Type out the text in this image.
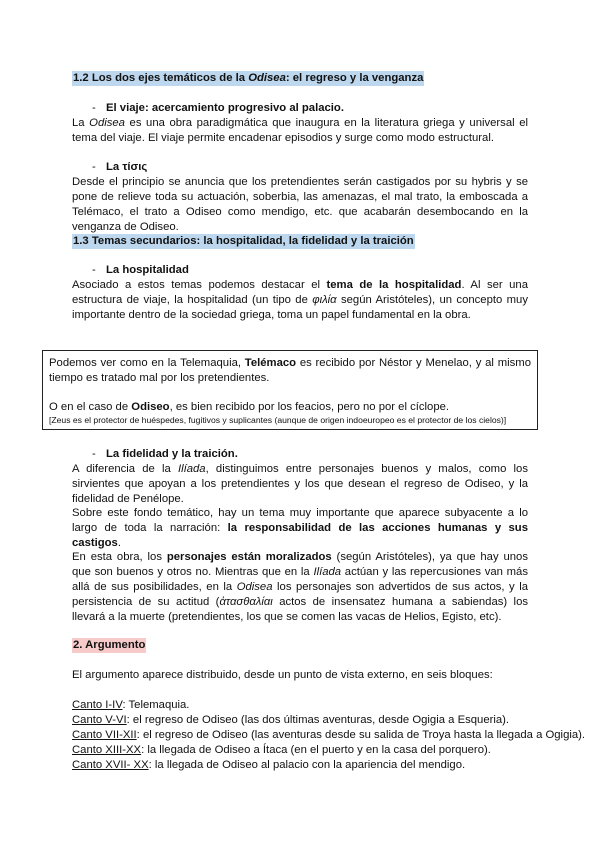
1.2 Los dos ejes temáticos de la Odisea: el regreso y la venganza
- El viaje: acercamiento progresivo al palacio.

La Odisea es una obra paradigmática que inaugura en la literatura griega y universal el tema del viaje. El viaje permite encadenar episodios y surge como modo estructural.

- La τίσις

Desde el principio se anuncia que los pretendientes serán castigados por su hybris y se pone de relieve toda su actuación, soberbia, las amenazas, el mal trato, la emboscada a Telémaco, el trato a Odiseo como mendigo, etc. que acabarán desembocando en la venganza de Odiseo.

1.3 Temas secundarios: la hospitalidad, la fidelidad y la traición
- La hospitalidad

Asociado a estos temas podemos destacar el tema de la hospitalidad. Al ser una estructura de viaje, la hospitalidad (un tipo de φιλία según Aristóteles), un concepto muy importante dentro de la sociedad griega, toma un papel fundamental en la obra.

Podemos ver como en la Telemaquia, Telémaco es recibido por Néstor y Menelao, y al mismo tiempo es tratado mal por los pretendientes.

O en el caso de Odiseo, es bien recibido por los feacios, pero no por el cíclope.

[Zeus es el protector de huéspedes, fugitivos y suplicantes (aunque de origen indoeuropeo es el protector de los cielos)]

- La fidelidad y la traición.

A diferencia de la Ilíada, distinguimos entre personajes buenos y malos, como los sirvientes que apoyan a los pretendientes y los que desean el regreso de Odiseo, y la fidelidad de Penélope.

Sobre este fondo temático, hay un tema muy importante que aparece subyacente a lo largo de toda la narración: la responsabilidad de las acciones humanas y sus castigos.

En esta obra, los personajes están moralizados (según Aristóteles), ya que hay unos que son buenos y otros no. Mientras que en la Ilíada actúan y las repercusiones van más allá de sus posibilidades, en la Odisea los personajes son advertidos de sus actos, y la persistencia de su actitud (ἀτασθαλίαι actos de insensatez humana a sabiendas) los llevará a la muerte (pretendientes, los que se comen las vacas de Helios, Egisto, etc).

2. Argumento

El argumento aparece distribuido, desde un punto de vista externo, en seis bloques:

Canto I-IV: Telemaquia.
Canto V-VI: el regreso de Odiseo (las dos últimas aventuras, desde Ogigia a Esqueria).
Canto VII-XII: el regreso de Odiseo (las aventuras desde su salida de Troya hasta la llegada a Ogigia).
Canto XIII-XX: la llegada de Odiseo a Ítaca (en el puerto y en la casa del porquero).
Canto XVII- XX: la llegada de Odiseo al palacio con la apariencia del mendigo.
